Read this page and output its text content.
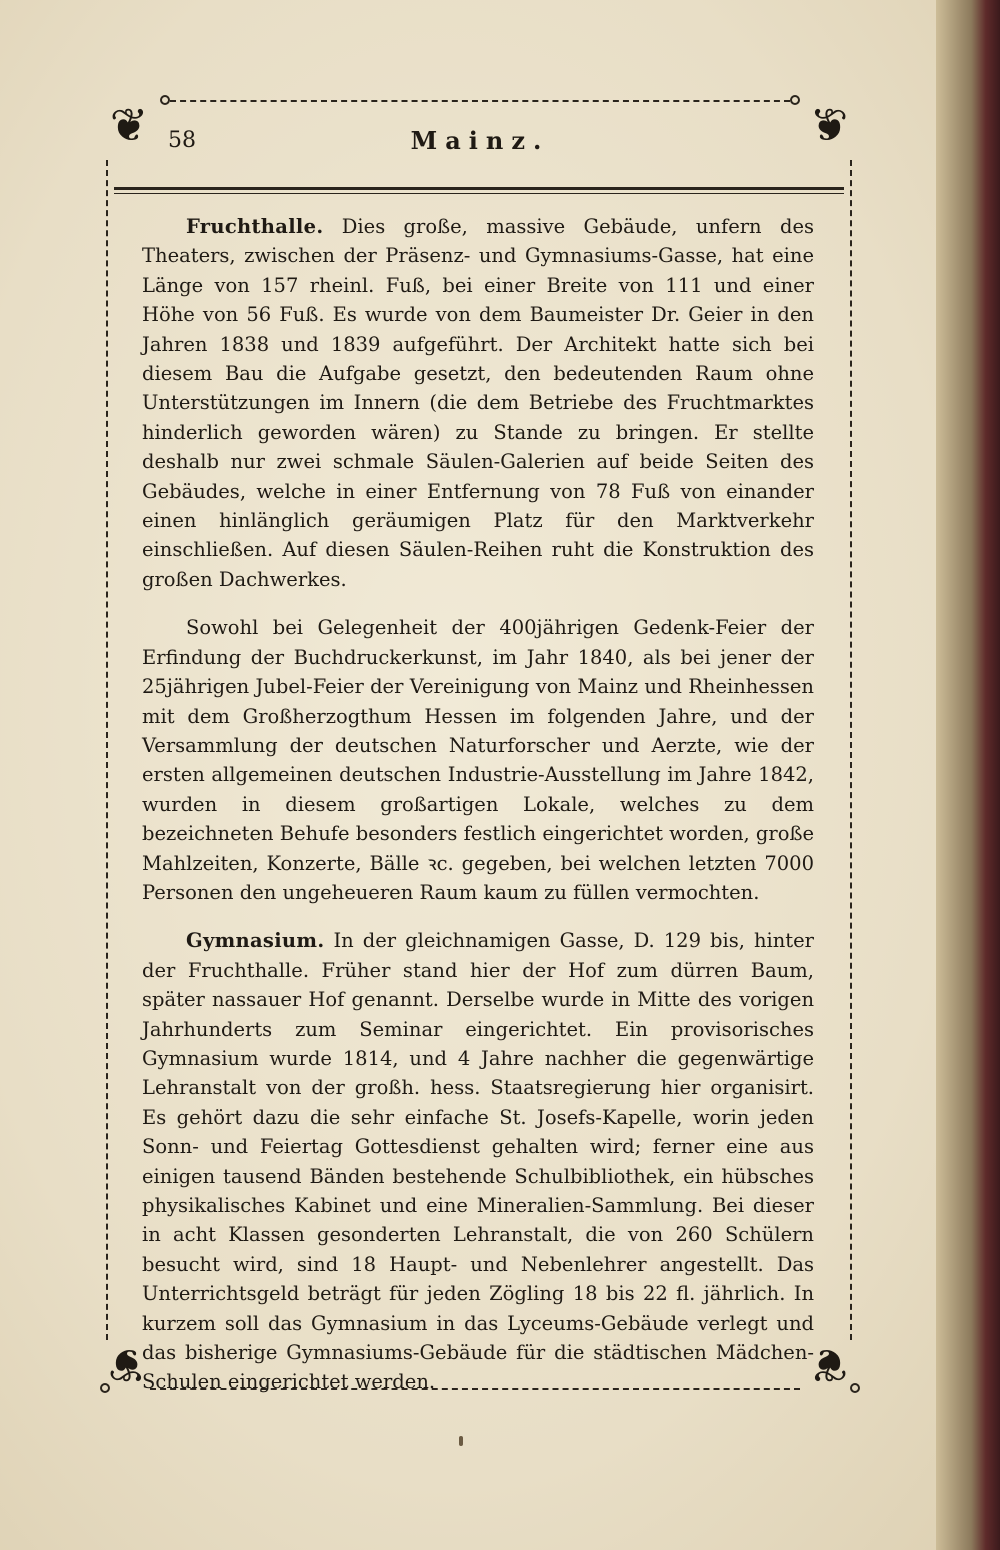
❦	❦
❦	❦
58	Mainz.

Fruchthalle. Dies große, massive Gebäude, unfern des Theaters, zwischen der Präsenz- und Gymnasiums-Gasse, hat eine Länge von 157 rheinl. Fuß, bei einer Breite von 111 und einer Höhe von 56 Fuß. Es wurde von dem Baumeister Dr. Geier in den Jahren 1838 und 1839 aufgeführt. Der Architekt hatte sich bei diesem Bau die Aufgabe gesetzt, den bedeutenden Raum ohne Unterstützungen im Innern (die dem Betriebe des Fruchtmarktes hinderlich geworden wären) zu Stande zu bringen. Er stellte deshalb nur zwei schmale Säulen-Galerien auf beide Seiten des Gebäudes, welche in einer Entfernung von 78 Fuß von einander einen hinlänglich geräumigen Platz für den Marktverkehr einschließen. Auf diesen Säulen-Reihen ruht die Konstruktion des großen Dachwerkes.

Sowohl bei Gelegenheit der 400jährigen Gedenk-Feier der Erfindung der Buchdruckerkunst, im Jahr 1840, als bei jener der 25jährigen Jubel-Feier der Vereinigung von Mainz und Rheinhessen mit dem Großherzogthum Hessen im folgenden Jahre, und der Versammlung der deutschen Naturforscher und Aerzte, wie der ersten allgemeinen deutschen Industrie-Ausstellung im Jahre 1842, wurden in diesem großartigen Lokale, welches zu dem bezeichneten Behufe besonders festlich eingerichtet worden, große Mahlzeiten, Konzerte, Bälle ꝛc. gegeben, bei welchen letzten 7000 Personen den ungeheueren Raum kaum zu füllen vermochten.

Gymnasium. In der gleichnamigen Gasse, D. 129 bis, hinter der Fruchthalle. Früher stand hier der Hof zum dürren Baum, später nassauer Hof genannt. Derselbe wurde in Mitte des vorigen Jahrhunderts zum Seminar eingerichtet. Ein provisorisches Gymnasium wurde 1814, und 4 Jahre nachher die gegenwärtige Lehranstalt von der großh. hess. Staatsregierung hier organisirt. Es gehört dazu die sehr einfache St. Josefs-Kapelle, worin jeden Sonn- und Feiertag Gottesdienst gehalten wird; ferner eine aus einigen tausend Bänden bestehende Schulbibliothek, ein hübsches physikalisches Kabinet und eine Mineralien-Sammlung. Bei dieser in acht Klassen gesonderten Lehranstalt, die von 260 Schülern besucht wird, sind 18 Haupt- und Nebenlehrer angestellt. Das Unterrichtsgeld beträgt für jeden Zögling 18 bis 22 fl. jährlich. In kurzem soll das Gymnasium in das Lyceums-Gebäude verlegt und das bisherige Gymnasiums-Gebäude für die städtischen Mädchen-Schulen eingerichtet werden.
